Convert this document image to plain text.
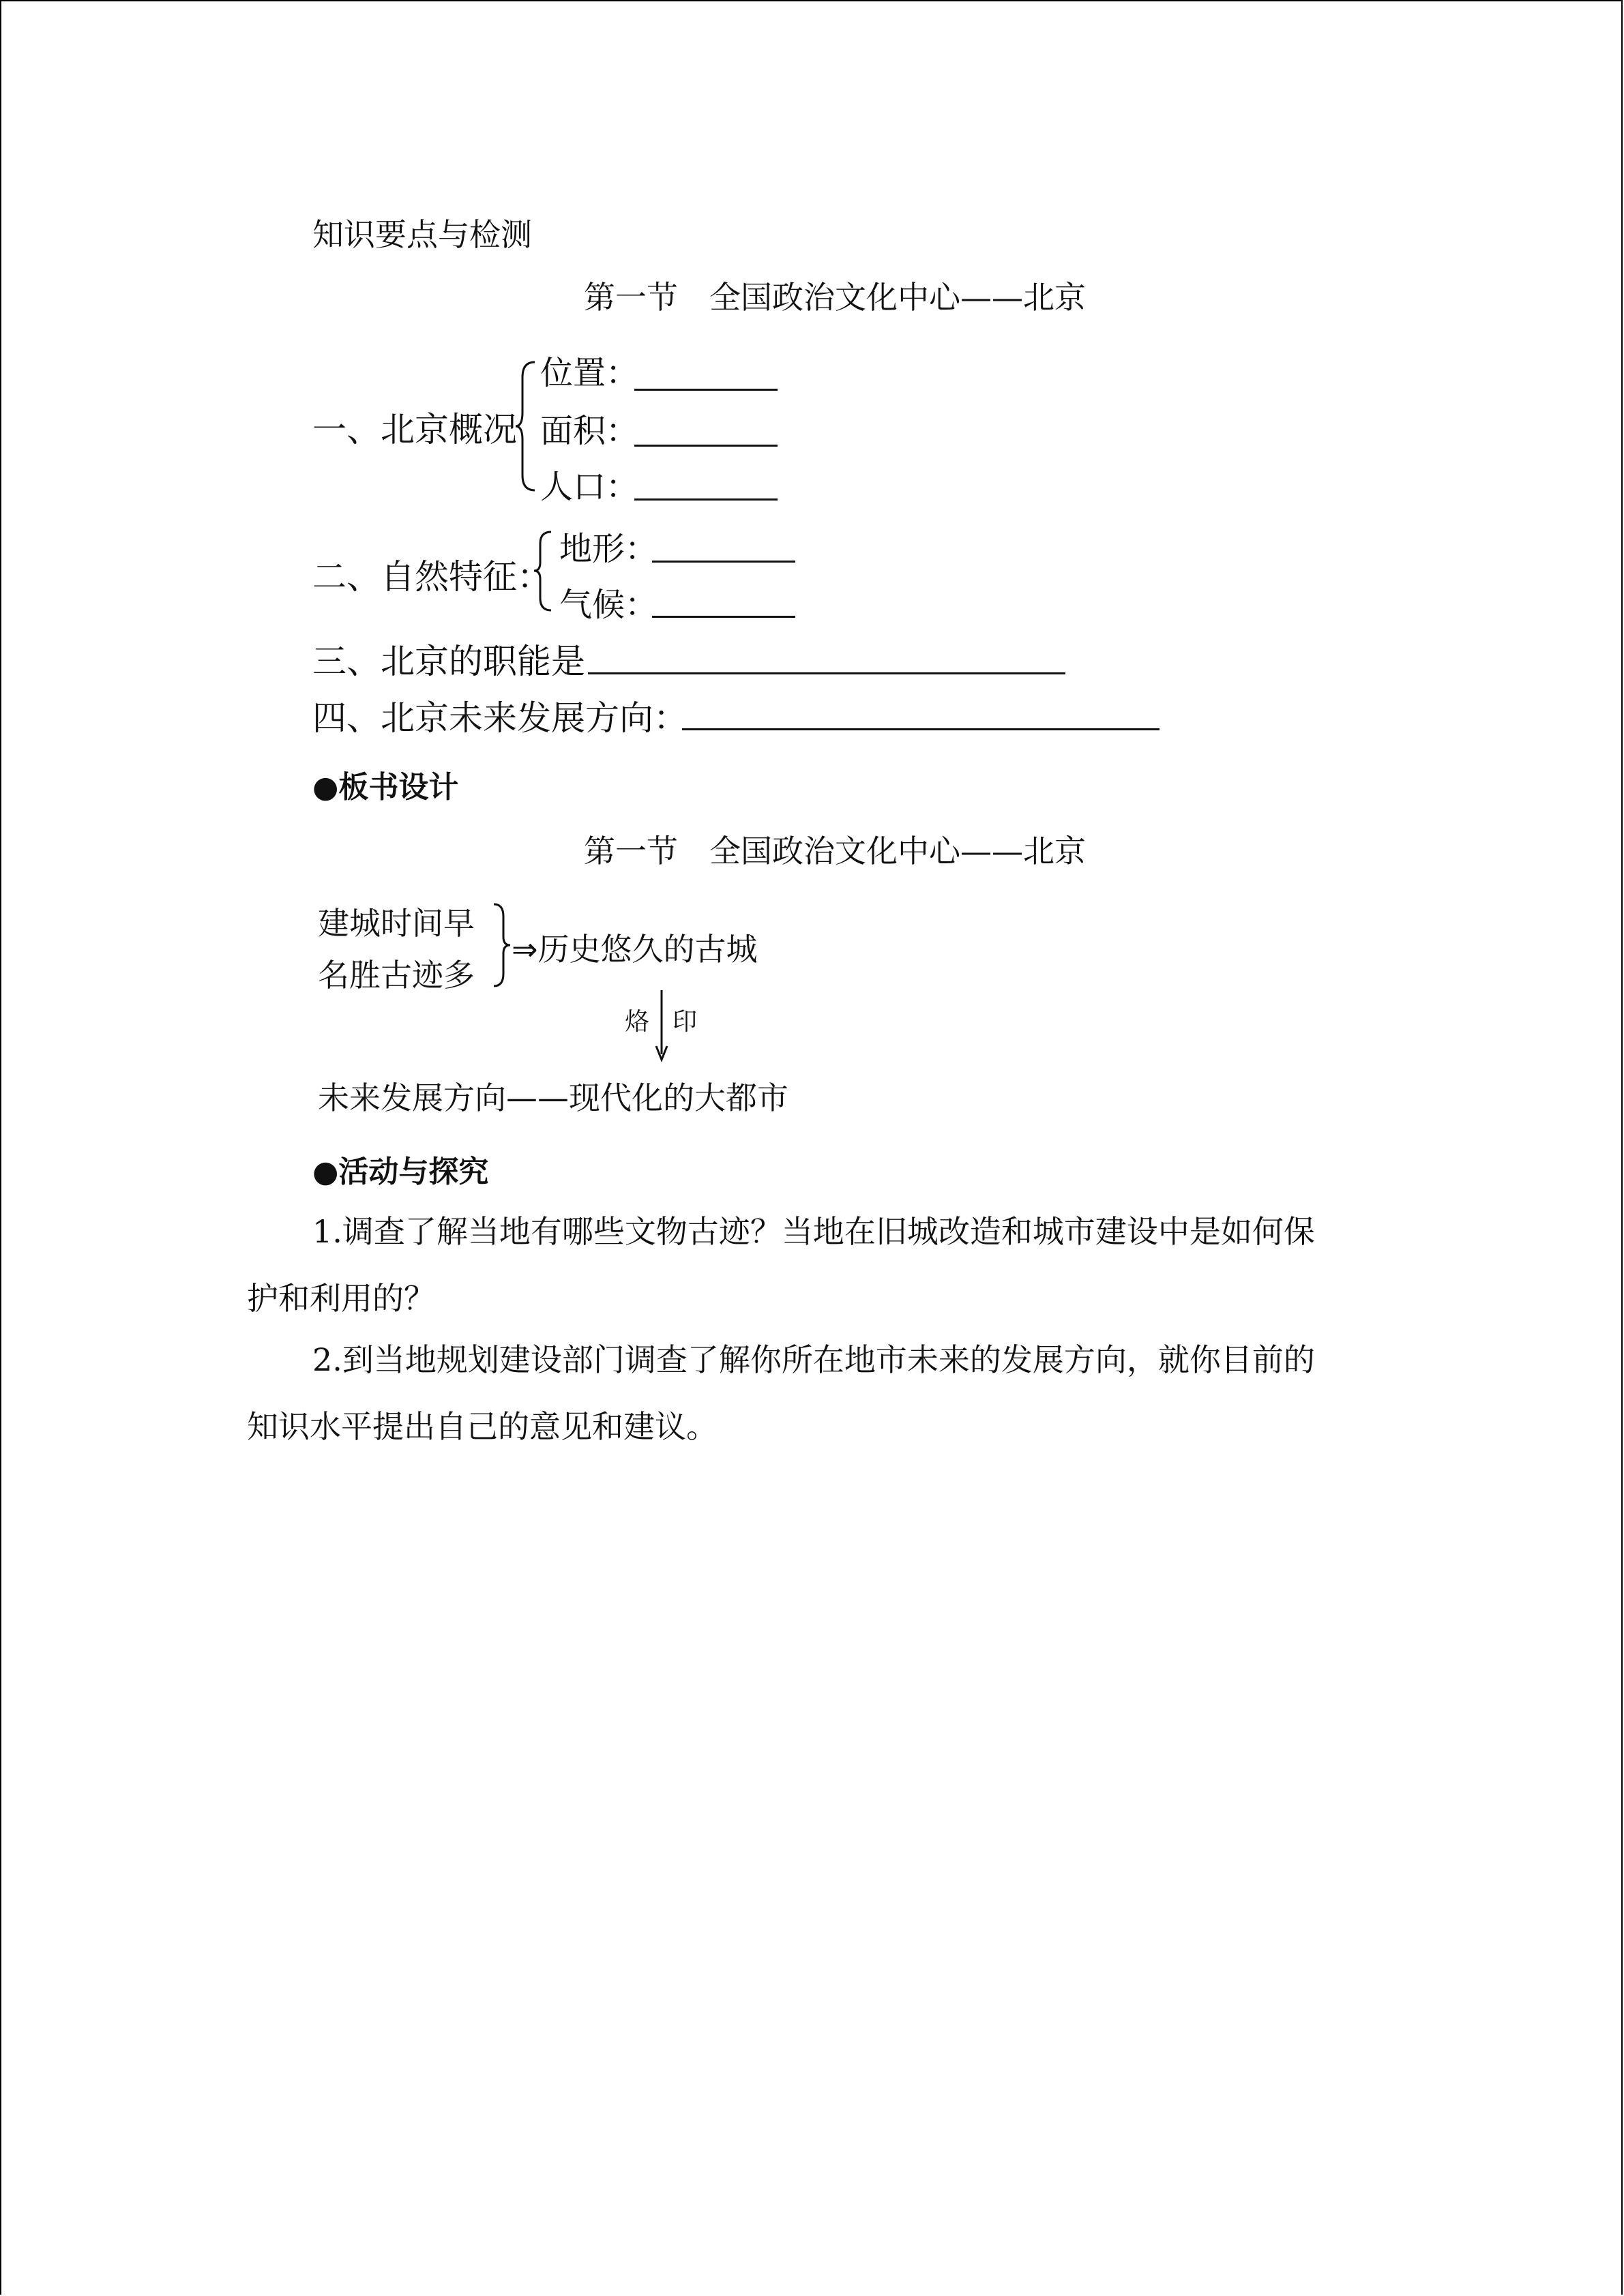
知识要点与检测
第一节　全国政治文化中心——北京
一、北京概况
位置：
面积：
人口：
二、自然特征：
地形：
气候：
三、北京的职能是
四、北京未来发展方向：
●板书设计
第一节　全国政治文化中心——北京
建城时间早
名胜古迹多
⇒历史悠久的古城
烙 印
未来发展方向——现代化的大都市
●活动与探究
1.调查了解当地有哪些文物古迹？当地在旧城改造和城市建设中是如何保
护和利用的？
2.到当地规划建设部门调查了解你所在地市未来的发展方向，就你目前的
知识水平提出自己的意见和建议。
